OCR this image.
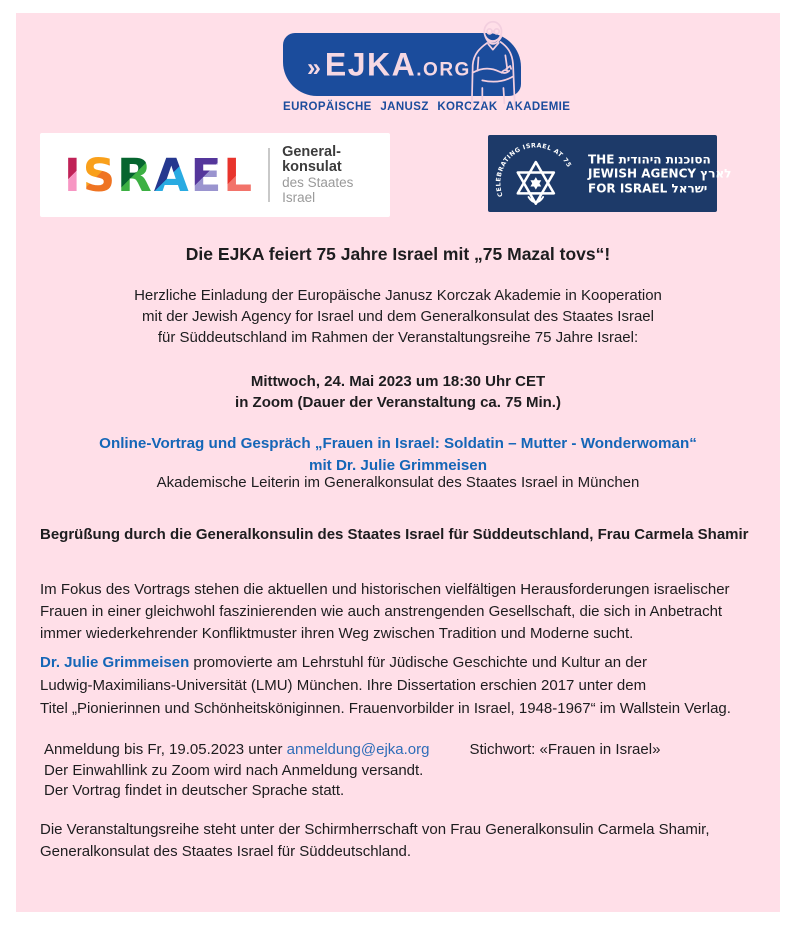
» EJKA .ORG
EUROPÄISCHE JANUSZ KORCZAK AKADEMIE
I S R A E L General-
konsulat
des Staates
Israel	CELEBRATING ISRAEL AT 75 THE הסוכנות היהודית
JEWISH AGENCY לארץ
FOR ISRAEL ישראל
Die EJKA feiert 75 Jahre Israel mit „75 Mazal tovs“!
Herzliche Einladung der Europäische Janusz Korczak Akademie in Kooperation
mit der Jewish Agency for Israel und dem Generalkonsulat des Staates Israel
für Süddeutschland im Rahmen der Veranstaltungsreihe 75 Jahre Israel:
Mittwoch, 24. Mai 2023 um 18:30 Uhr CET
in Zoom (Dauer der Veranstaltung ca. 75 Min.)
Online-Vortrag und Gespräch „Frauen in Israel: Soldatin – Mutter - Wonderwoman“
mit Dr. Julie Grimmeisen
Akademische Leiterin im Generalkonsulat des Staates Israel in München
Begrüßung durch die Generalkonsulin des Staates Israel für Süddeutschland, Frau Carmela Shamir
Im Fokus des Vortrags stehen die aktuellen und historischen vielfältigen Herausforderungen israelischer
Frauen in einer gleichwohl faszinierenden wie auch anstrengenden Gesellschaft, die sich in Anbetracht
immer wiederkehrender Konfliktmuster ihren Weg zwischen Tradition und Moderne sucht.
Dr. Julie Grimmeisen promovierte am Lehrstuhl für Jüdische Geschichte und Kultur an der
Ludwig-Maximilians-Universität (LMU) München. Ihre Dissertation erschien 2017 unter dem
Titel „Pionierinnen und Schönheitsköniginnen. Frauenvorbilder in Israel, 1948-1967“ im Wallstein Verlag.
Anmeldung bis Fr, 19.05.2023 unter anmeldung@ejka.org	Stichwort: «Frauen in Israel»
Der Einwahllink zu Zoom wird nach Anmeldung versandt.
Der Vortrag findet in deutscher Sprache statt.
Die Veranstaltungsreihe steht unter der Schirmherrschaft von Frau Generalkonsulin Carmela Shamir,
Generalkonsulat des Staates Israel für Süddeutschland.
